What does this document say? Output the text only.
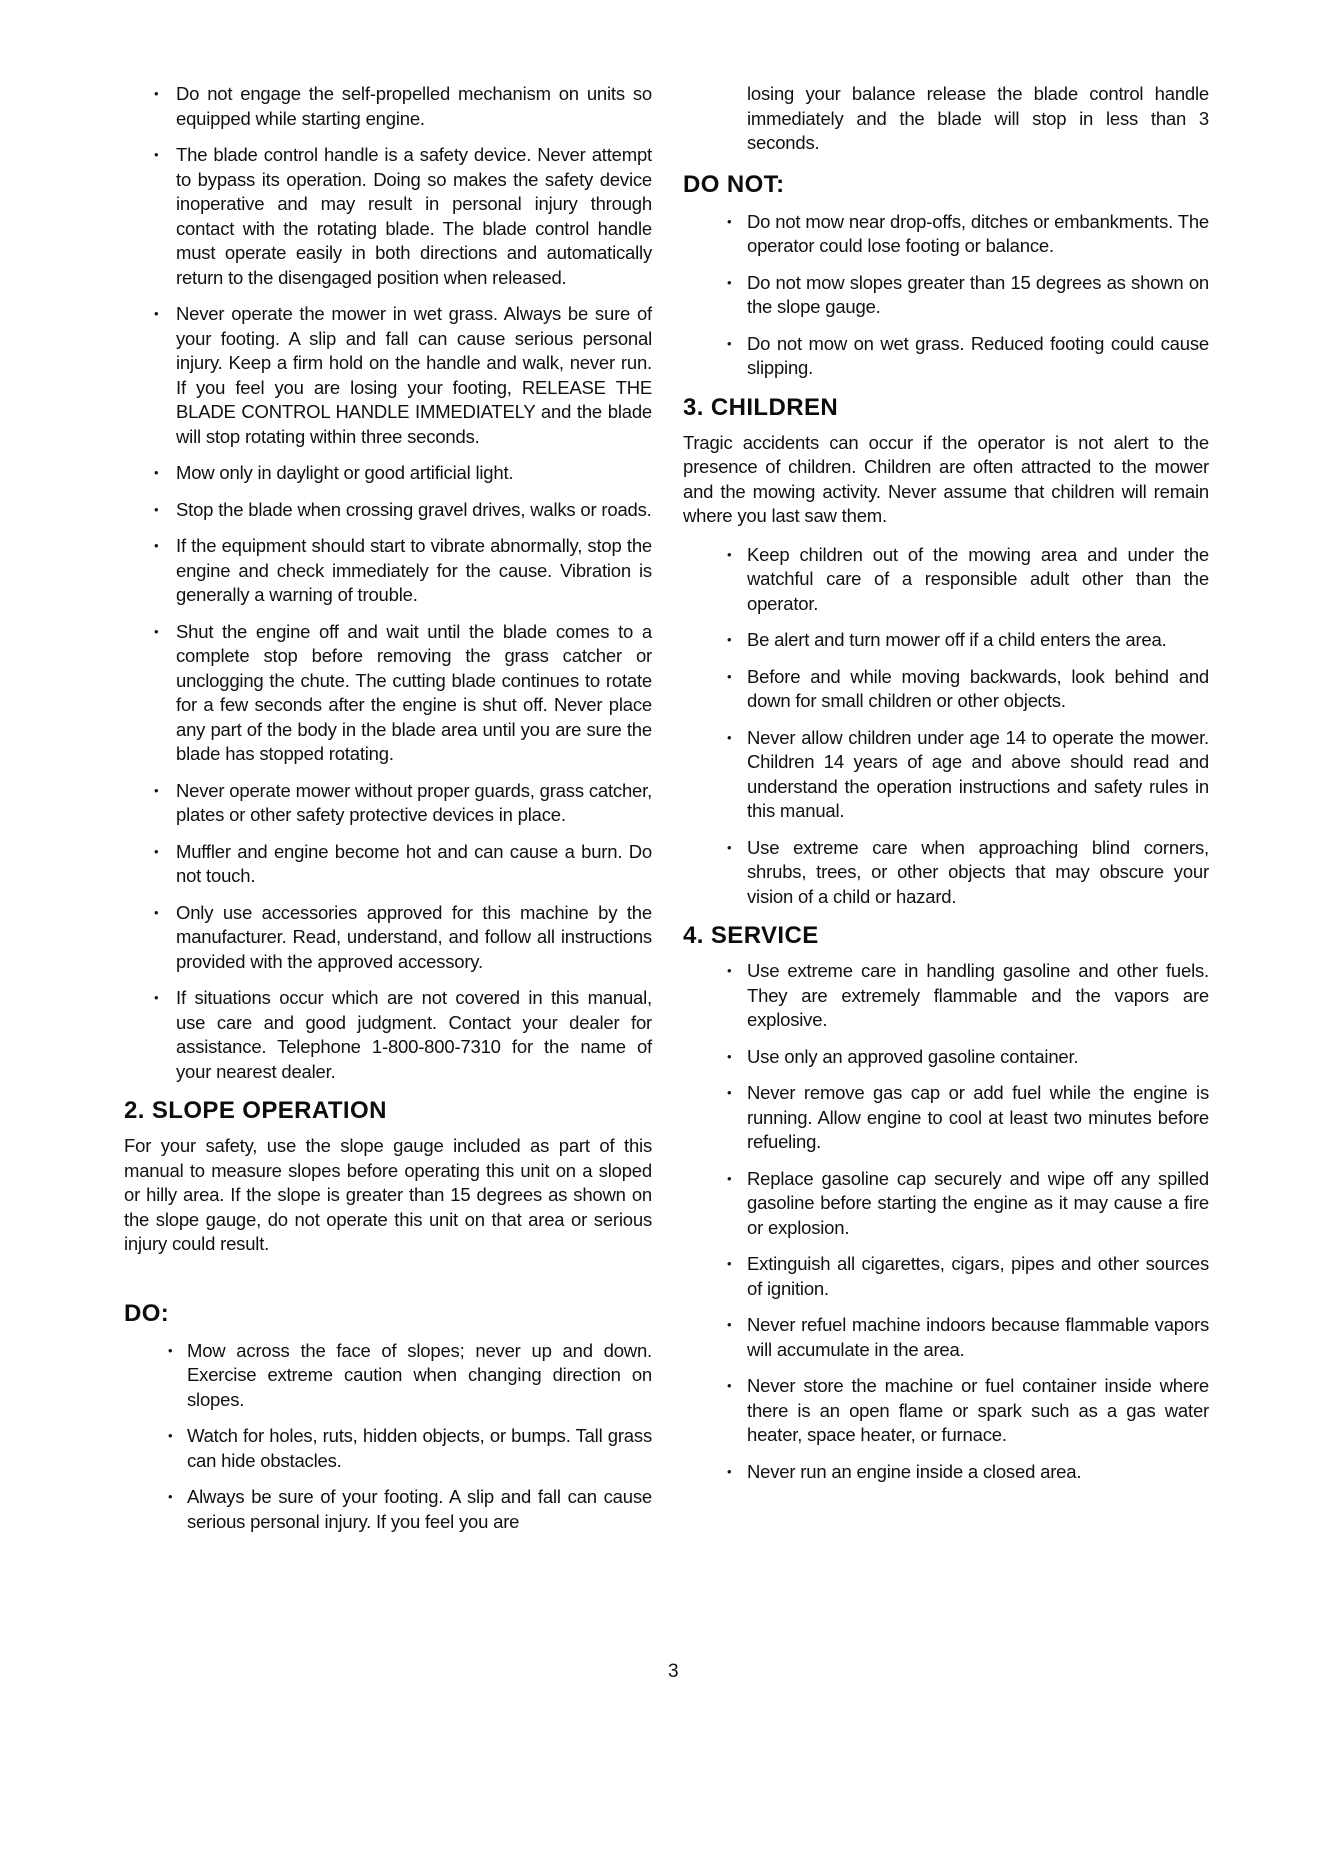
• Do not engage the self-propelled mechanism on units so equipped while starting engine.
• The blade control handle is a safety device. Never attempt to bypass its operation. Doing so makes the safety device inoperative and may result in personal injury through contact with the rotating blade. The blade control handle must operate easily in both directions and automatically return to the disengaged position when released.
• Never operate the mower in wet grass. Always be sure of your footing. A slip and fall can cause serious personal injury. Keep a firm hold on the handle and walk, never run. If you feel you are losing your footing, RELEASE THE BLADE CONTROL HANDLE IMMEDIATELY and the blade will stop rotating within three seconds.
• Mow only in daylight or good artificial light.
• Stop the blade when crossing gravel drives, walks or roads.
• If the equipment should start to vibrate abnormally, stop the engine and check immediately for the cause. Vibration is generally a warning of trouble.
• Shut the engine off and wait until the blade comes to a complete stop before removing the grass catcher or unclogging the chute. The cutting blade continues to rotate for a few seconds after the engine is shut off. Never place any part of the body in the blade area until you are sure the blade has stopped rotating.
• Never operate mower without proper guards, grass catcher, plates or other safety protective devices in place.
• Muffler and engine become hot and can cause a burn. Do not touch.
• Only use accessories approved for this machine by the manufacturer. Read, understand, and follow all instructions provided with the approved accessory.
• If situations occur which are not covered in this manual, use care and good judgment. Contact your dealer for assistance. Telephone 1-800-800-7310 for the name of your nearest dealer.
2. SLOPE OPERATION

For your safety, use the slope gauge included as part of this manual to measure slopes before operating this unit on a sloped or hilly area. If the slope is greater than 15 degrees as shown on the slope gauge, do not operate this unit on that area or serious injury could result.

DO:
• Mow across the face of slopes; never up and down. Exercise extreme caution when changing direction on slopes.
• Watch for holes, ruts, hidden objects, or bumps. Tall grass can hide obstacles.
• Always be sure of your footing. A slip and fall can cause serious personal injury. If you feel you are

losing your balance release the blade control handle immediately and the blade will stop in less than 3 seconds.

DO NOT:
• Do not mow near drop-offs, ditches or embankments. The operator could lose footing or balance.
• Do not mow slopes greater than 15 degrees as shown on the slope gauge.
• Do not mow on wet grass. Reduced footing could cause slipping.
3. CHILDREN

Tragic accidents can occur if the operator is not alert to the presence of children. Children are often attracted to the mower and the mowing activity. Never assume that children will remain where you last saw them.

• Keep children out of the mowing area and under the watchful care of a responsible adult other than the operator.
• Be alert and turn mower off if a child enters the area.
• Before and while moving backwards, look behind and down for small children or other objects.
• Never allow children under age 14 to operate the mower. Children 14 years of age and above should read and understand the operation instructions and safety rules in this manual.
• Use extreme care when approaching blind corners, shrubs, trees, or other objects that may obscure your vision of a child or hazard.
4. SERVICE
• Use extreme care in handling gasoline and other fuels. They are extremely flammable and the vapors are explosive.
• Use only an approved gasoline container.
• Never remove gas cap or add fuel while the engine is running. Allow engine to cool at least two minutes before refueling.
• Replace gasoline cap securely and wipe off any spilled gasoline before starting the engine as it may cause a fire or explosion.
• Extinguish all cigarettes, cigars, pipes and other sources of ignition.
• Never refuel machine indoors because flammable vapors will accumulate in the area.
• Never store the machine or fuel container inside where there is an open flame or spark such as a gas water heater, space heater, or furnace.
• Never run an engine inside a closed area.
3
